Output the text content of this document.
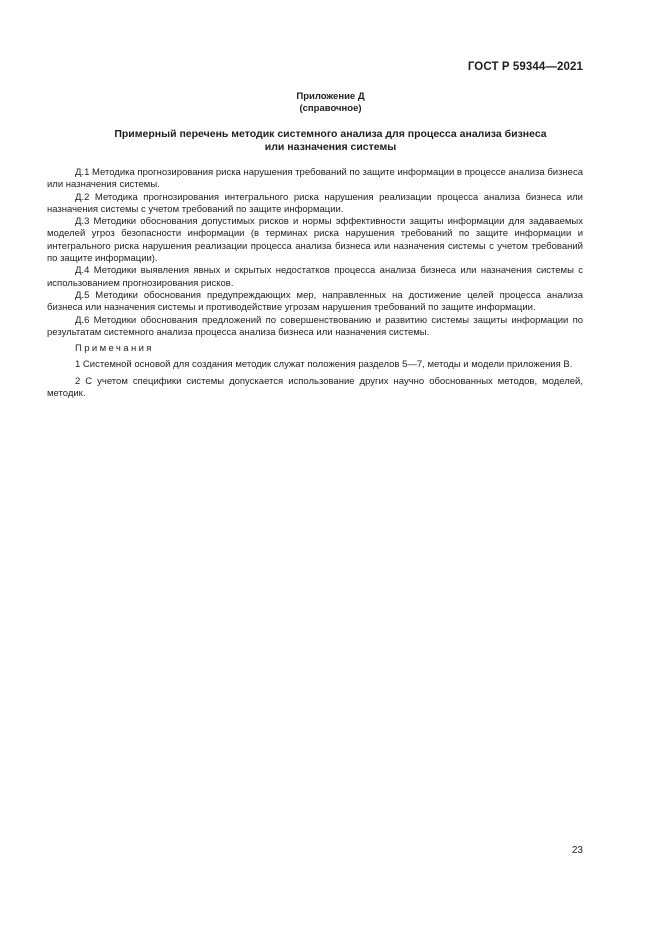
ГОСТ Р 59344—2021
Приложение Д
(справочное)
Примерный перечень методик системного анализа для процесса анализа бизнеса
или назначения системы

Д.1 Методика прогнозирования риска нарушения требований по защите информации в процессе анализа бизнеса или назначения системы.

Д.2 Методика прогнозирования интегрального риска нарушения реализации процесса анализа бизнеса или назначения системы с учетом требований по защите информации.

Д.3 Методики обоснования допустимых рисков и нормы эффективности защиты информации для задаваемых моделей угроз безопасности информации (в терминах риска нарушения требований по защите информации и интегрального риска нарушения реализации процесса анализа бизнеса или назначения системы с учетом требований по защите информации).

Д.4 Методики выявления явных и скрытых недостатков процесса анализа бизнеса или назначения системы с использованием прогнозирования рисков.

Д.5 Методики обоснования предупреждающих мер, направленных на достижение целей процесса анализа бизнеса или назначения системы и противодействие угрозам нарушения требований по защите информации.

Д.6 Методики обоснования предложений по совершенствованию и развитию системы защиты информации по результатам системного анализа процесса анализа бизнеса или назначения системы.

Примечания

1 Системной основой для создания методик служат положения разделов 5—7, методы и модели приложения В.

2 С учетом специфики системы допускается использование других научно обоснованных методов, моделей, методик.

23
